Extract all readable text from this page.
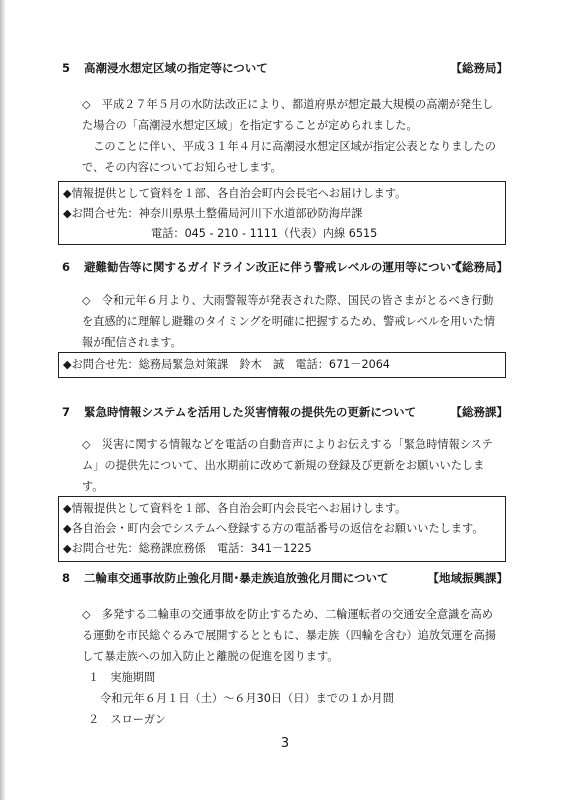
5 高潮浸水想定区域の指定等について	【総務局】

◇　平成２７年５月の水防法改正により、都道府県が想定最大規模の高潮が発生した場合の「高潮浸水想定区域」を指定することが定められました。

このことに伴い、平成３１年４月に高潮浸水想定区域が指定公表となりましたので、その内容についてお知らせします。

◆情報提供として資料を１部、各自治会町内会長宅へお届けします。
◆お問合せ先：神奈川県県土整備局河川下水道部砂防海岸課
電話：045 - 210 - 1111（代表）内線 6515
6 避難勧告等に関するガイドライン改正に伴う警戒レベルの運用等について
【総務局】

◇　令和元年６月より、大雨警報等が発表された際、国民の皆さまがとるべき行動を直感的に理解し避難のタイミングを明確に把握するため、警戒レベルを用いた情報が配信されます。

◆お問合せ先：総務局緊急対策課　鈴木　誠　電話：671－2064
7 緊急時情報システムを活用した災害情報の提供先の更新について	【総務課】

◇　災害に関する情報などを電話の自動音声によりお伝えする「緊急時情報システム」の提供先について、出水期前に改めて新規の登録及び更新をお願いいたします。

◆情報提供として資料を１部、各自治会町内会長宅へお届けします。
◆各自治会・町内会でシステムへ登録する方の電話番号の返信をお願いいたします。
◆お問合せ先：総務課庶務係　電話：341－1225
8 二輪車交通事故防止強化月間･暴走族追放強化月間について	【地域振興課】

◇　多発する二輪車の交通事故を防止するため、二輪運転者の交通安全意識を高める運動を市民総ぐるみで展開するとともに、暴走族（四輪を含む）追放気運を高揚して暴走族への加入防止と離脱の促進を図ります。

１　実施期間
令和元年６月１日（土）～６月30日（日）までの１か月間
２　スローガン
3
